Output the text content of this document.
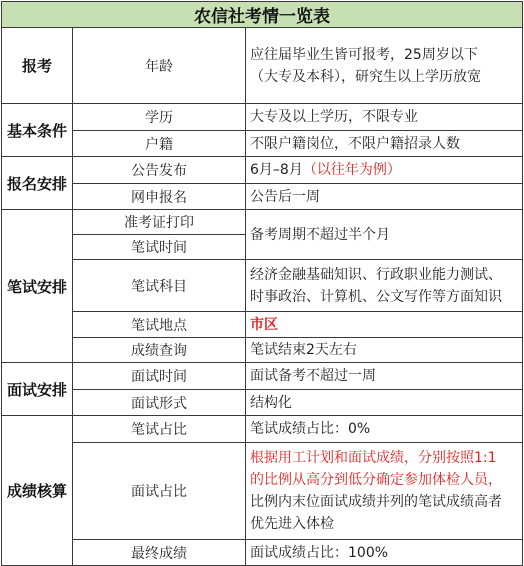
农信社考情一览表		
报考	年龄	应往届毕业生皆可报考，25周岁以下
（大专及本科），研究生以上学历放宽

基本条件	学历	大专及以上学历，不限专业
	户籍	不限户籍岗位，不限户籍招录人数
报名安排	公告发布	6月–8月（以往年为例）
	网申报名	公告后一周
笔试安排	准考证打印	备考周期不超过半个月
	笔试时间	
	笔试科目	经济金融基础知识、行政职业能力测试、
时事政治、计算机、公文写作等方面知识

	笔试地点	市区
	成绩查询	笔试结束2天左右
面试安排	面试时间	面试备考不超过一周
	面试形式	结构化
成绩核算	笔试占比	笔试成绩占比：0%
	面试占比	根据用工计划和面试成绩，分别按照1:1
的比例从高分到低分确定参加体检人员，
比例内末位面试成绩并列的笔试成绩高者
优先进入体检

	最终成绩	面试成绩占比：100%
